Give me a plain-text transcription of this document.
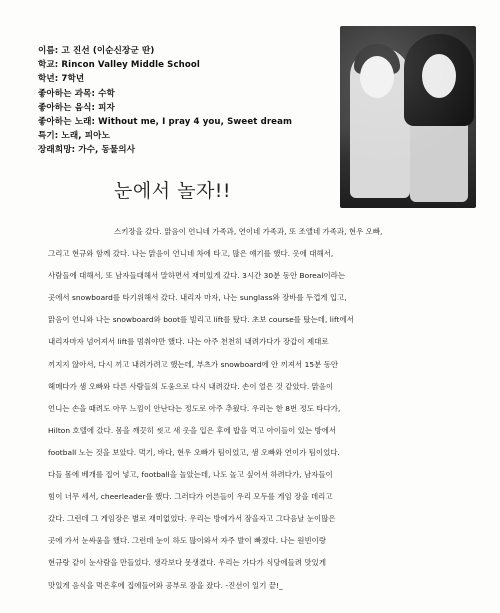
이름: 고 진선 (이순신장군 딴)
학교: Rincon Valley Middle School
학년: 7학년
좋아하는 과목: 수학
좋아하는 음식: 피자
좋아하는 노래: Without me, I pray 4 you, Sweet dream
특기: 노래, 피아노
장래희망: 가수, 동물의사
눈에서 놀자!!
스키장을 갔다. 맑음이 언니네 가족과, 연이네 가족과, 또 조앨네 가족과, 현우 오빠,
그리고 현규와 함께 갔다. 나는 맑음이 언니네 차에 타고, 많은 얘기를 했다. 옷에 대해서,
사람들에 대해서, 또 남자들대해서 말하면서 재미있게 갔다. 3시간 30분 동안 Boreal이라는
곳에서 snowboard를 타기위해서 갔다. 내리자 마자, 나는 sunglass와 장바를 두껍게 입고,
맑음이 언니와 나는 snowboard와 boot를 빌리고 lift를 탔다. 초보 course를 탔는데, lift에서
내리자마자 넘어져서 lift를 멈춰야만 했다. 나는 아주 천천히 내려가다가 장갑이 제대로
끼지지 않아서, 다시 끼고 내려가려고 했는데, 부츠가 snowboard에 안 끼져서 15분 동안
헤메다가 샘 오빠와 다른 사람들의 도움으로 다시 내려갔다. 손이 얼은 것 같았다. 맑음이
언니는 손을 때려도 아무 느낌이 안난다는 정도로 아주 추웠다. 우리는 한 8번 정도 타다가,
Hilton 호텔에 갔다. 몸을 깨끗히 씻고 새 옷을 입은 후에 밥을 먹고 아이들이 있는 방에서
football 노는 것을 보았다. 먹기, 바다, 현우 오빠가 팀이었고, 샘 오빠와 연이가 팀이었다.
다들 몸에 베개를 집어 넣고, football을 놀았는데, 나도 놀고 싶어서 하려다가, 남자들이
힘이 너무 세서, cheerleader를 했다. 그러다가 어른들이 우리 모두를 게임 장을 데리고
갔다. 그런데 그 게임장은 별로 재미없었다. 우리는 방에가서 잠을자고 그다음날 눈이많은
곳에 가서 눈싸움을 했다. 그런데 눈이 하도 많이와서 자주 발이 빠졌다. 나는 원빈이랑
현규랑 같이 눈사람을 만들었다. 생각보다 못생겼다. 우리는 가다가 식당에들려 맛있게
맛있게 음식을 먹은후에 집에들어와 공부로 잠을 잤다. -진선이 일기 끝!_
